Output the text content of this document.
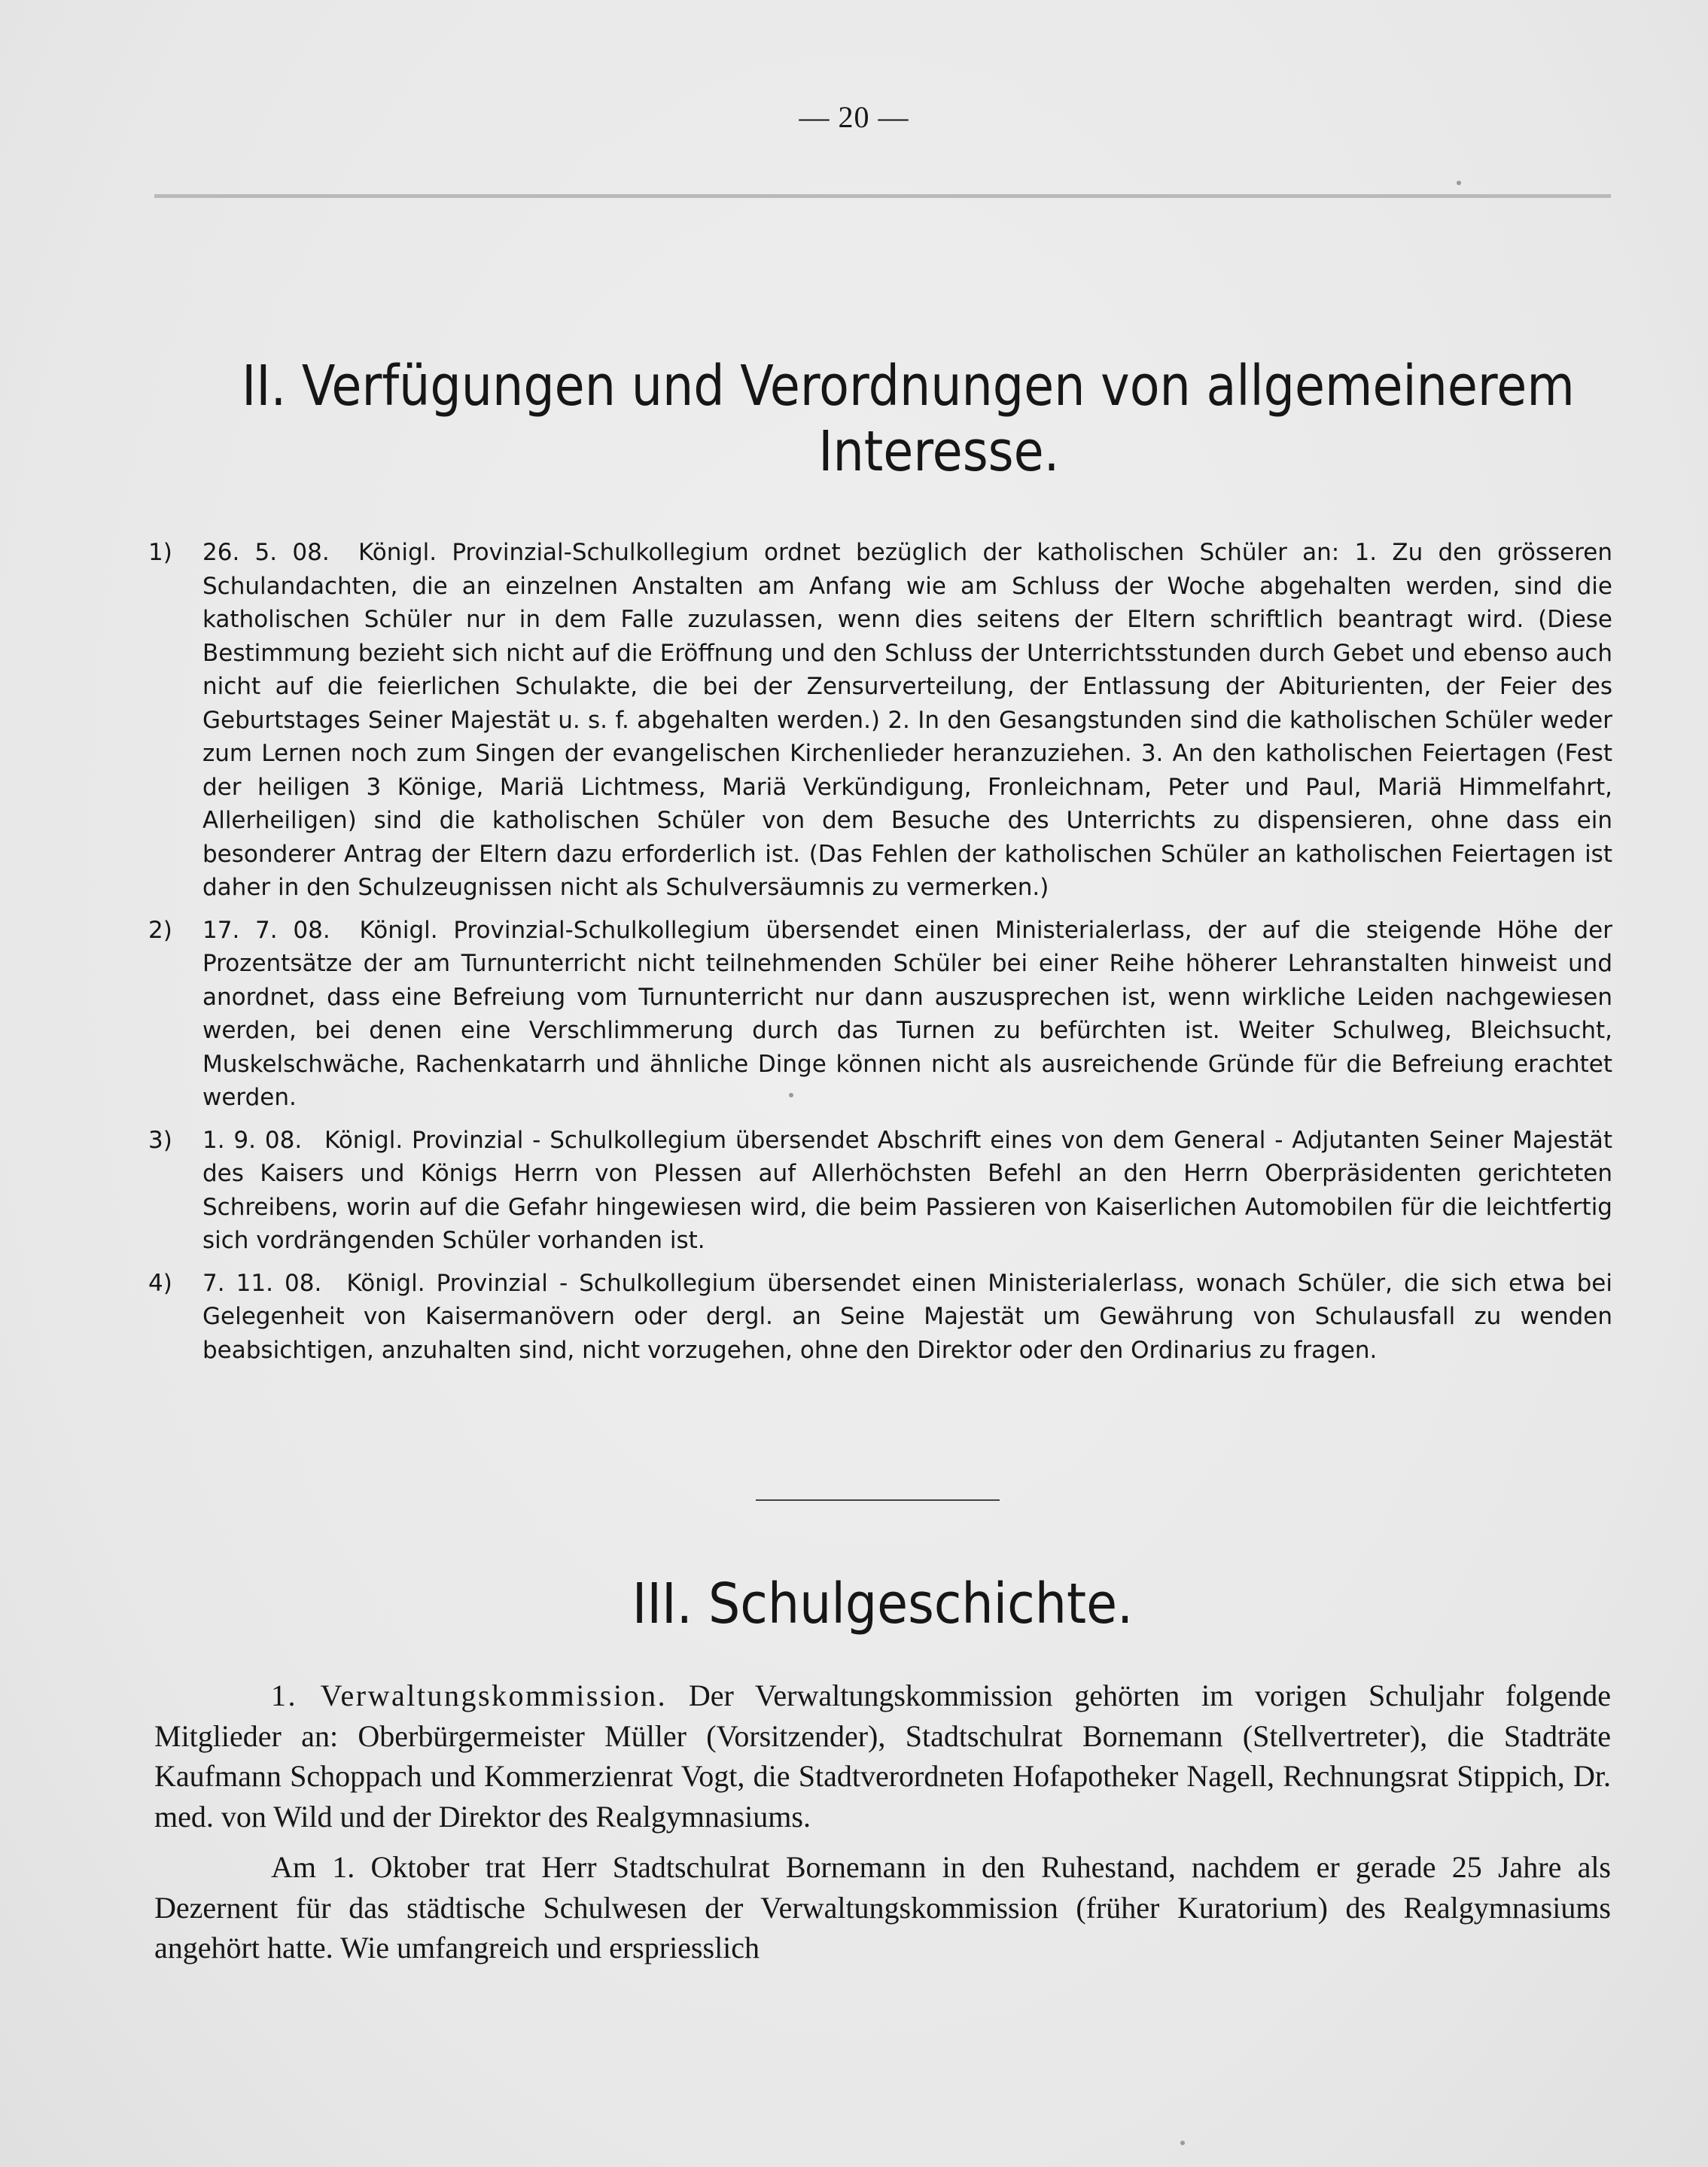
— 20 —
II. Verfügungen und Verordnungen von allgemeinerem
Interesse.
1) 26. 5. 08. Königl. Provinzial-Schulkollegium ordnet bezüglich der katholischen Schüler an: 1. Zu den grösseren Schulandachten, die an einzelnen Anstalten am Anfang wie am Schluss der Woche abgehalten werden, sind die katholischen Schüler nur in dem Falle zuzulassen, wenn dies seitens der Eltern schriftlich beantragt wird. (Diese Bestimmung bezieht sich nicht auf die Eröffnung und den Schluss der Unterrichtsstunden durch Gebet und ebenso auch nicht auf die feierlichen Schulakte, die bei der Zensurverteilung, der Entlassung der Abiturienten, der Feier des Geburtstages Seiner Majestät u. s. f. abgehalten werden.) 2. In den Gesangstunden sind die katholischen Schüler weder zum Lernen noch zum Singen der evangelischen Kirchenlieder heranzuziehen. 3. An den katholischen Feiertagen (Fest der heiligen 3 Könige, Mariä Lichtmess, Mariä Verkündigung, Fronleichnam, Peter und Paul, Mariä Himmelfahrt, Allerheiligen) sind die katholischen Schüler von dem Besuche des Unterrichts zu dispensieren, ohne dass ein besonderer Antrag der Eltern dazu erforderlich ist. (Das Fehlen der katholischen Schüler an katholischen Feiertagen ist daher in den Schulzeugnissen nicht als Schulversäumnis zu vermerken.)
2) 17. 7. 08. Königl. Provinzial-Schulkollegium übersendet einen Ministerialerlass, der auf die steigende Höhe der Prozentsätze der am Turnunterricht nicht teilnehmenden Schüler bei einer Reihe höherer Lehranstalten hinweist und anordnet, dass eine Befreiung vom Turnunterricht nur dann auszusprechen ist, wenn wirkliche Leiden nachgewiesen werden, bei denen eine Verschlimmerung durch das Turnen zu befürchten ist. Weiter Schulweg, Bleichsucht, Muskelschwäche, Rachenkatarrh und ähnliche Dinge können nicht als ausreichende Gründe für die Befreiung erachtet werden.
3) 1. 9. 08. Königl. Provinzial - Schulkollegium übersendet Abschrift eines von dem General - Adjutanten Seiner Majestät des Kaisers und Königs Herrn von Plessen auf Allerhöchsten Befehl an den Herrn Oberpräsidenten gerichteten Schreibens, worin auf die Gefahr hingewiesen wird, die beim Passieren von Kaiserlichen Automobilen für die leichtfertig sich vordrängenden Schüler vorhanden ist.
4) 7. 11. 08. Königl. Provinzial - Schulkollegium übersendet einen Ministerialerlass, wonach Schüler, die sich etwa bei Gelegenheit von Kaisermanövern oder dergl. an Seine Majestät um Gewährung von Schulausfall zu wenden beabsichtigen, anzuhalten sind, nicht vorzugehen, ohne den Direktor oder den Ordinarius zu fragen.
III. Schulgeschichte.

1. Verwaltungskommission. Der Verwaltungskommission gehörten im vorigen Schuljahr folgende Mitglieder an: Oberbürgermeister Müller (Vorsitzender), Stadtschulrat Bornemann (Stellvertreter), die Stadträte Kaufmann Schoppach und Kommerzienrat Vogt, die Stadtverordneten Hofapotheker Nagell, Rechnungsrat Stippich, Dr. med. von Wild und der Direktor des Realgymnasiums.

Am 1. Oktober trat Herr Stadtschulrat Bornemann in den Ruhestand, nachdem er gerade 25 Jahre als Dezernent für das städtische Schulwesen der Verwaltungskommission (früher Kuratorium) des Realgymnasiums angehört hatte. Wie umfangreich und erspriesslich
